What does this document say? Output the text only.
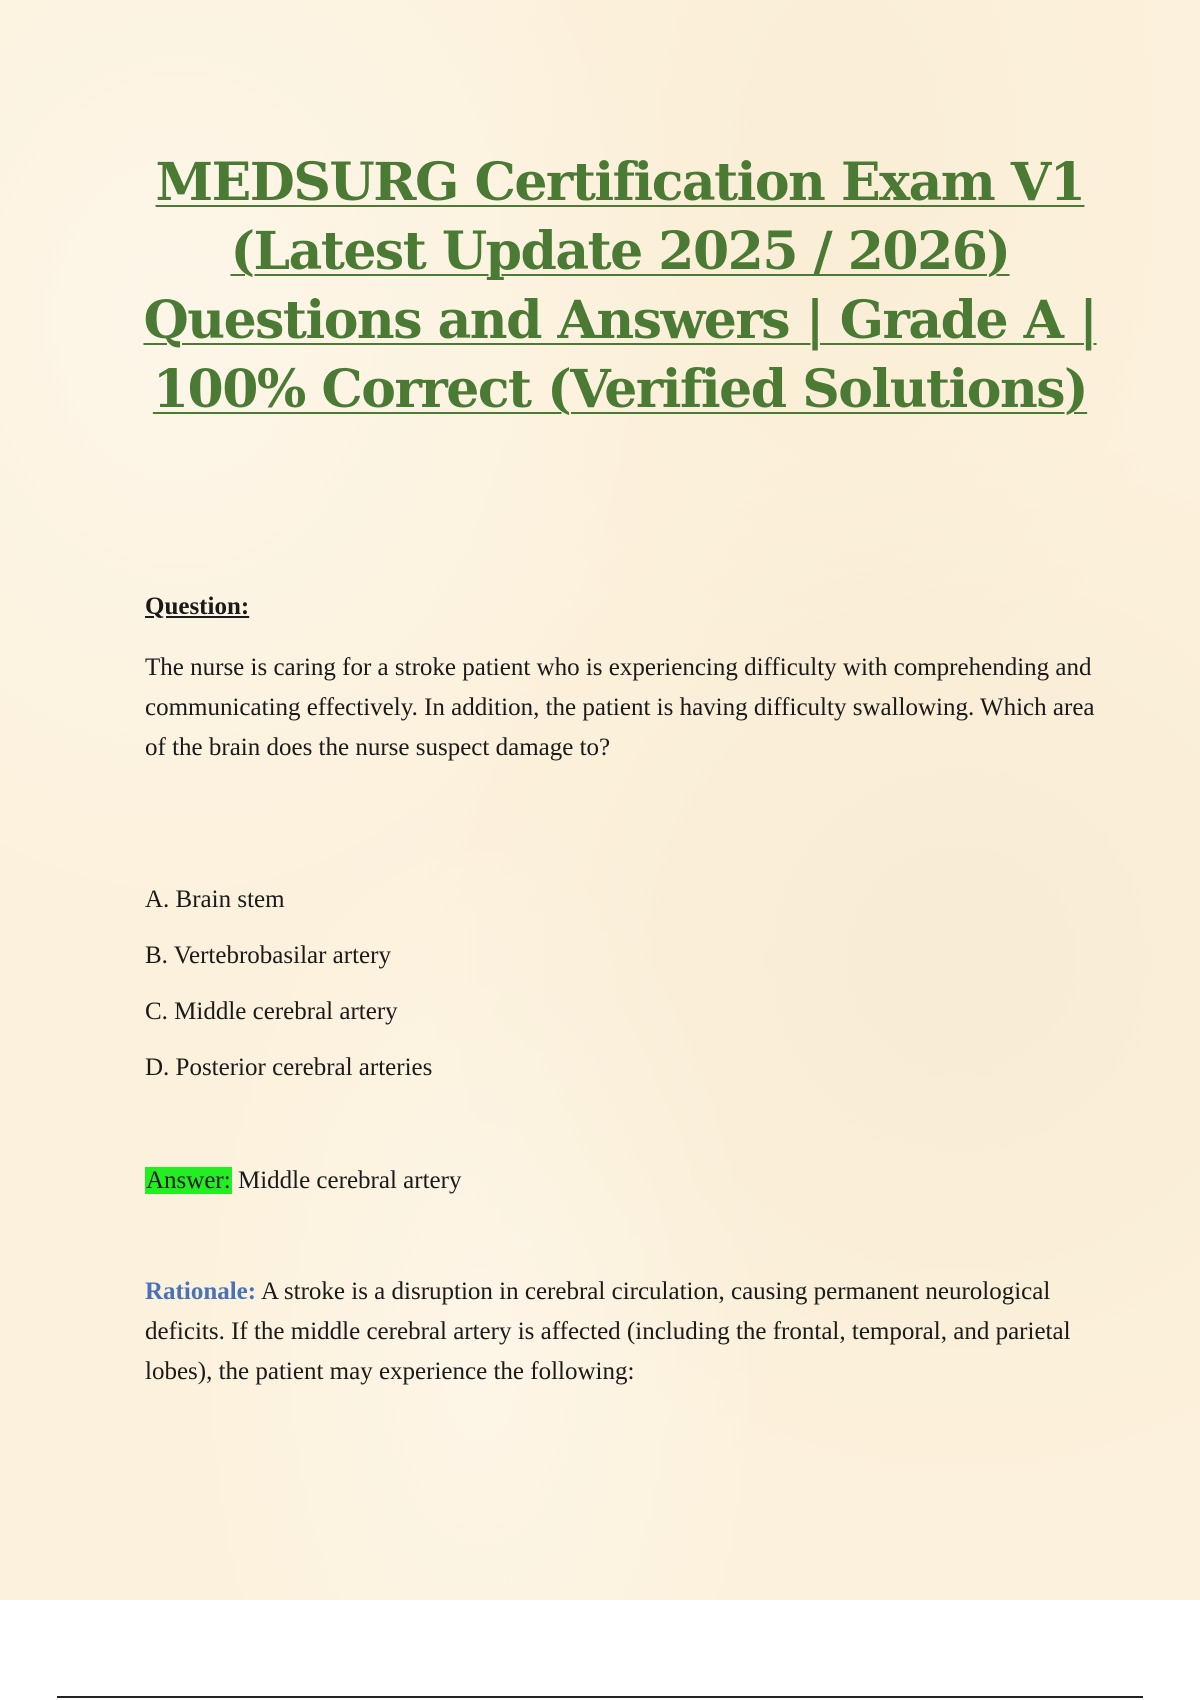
MEDSURG Certification Exam V1
(Latest Update 2025 / 2026)
Questions and Answers | Grade A |
100% Correct (Verified Solutions)

Question:

The nurse is caring for a stroke patient who is experiencing difficulty with comprehending and communicating effectively. In addition, the patient is having difficulty swallowing. Which area of the brain does the nurse suspect damage to?

A. Brain stem
B. Vertebrobasilar artery
C. Middle cerebral artery
D. Posterior cerebral arteries

Answer: Middle cerebral artery

Rationale: A stroke is a disruption in cerebral circulation, causing permanent neurological deficits. If the middle cerebral artery is affected (including the frontal, temporal, and parietal lobes), the patient may experience the following:
